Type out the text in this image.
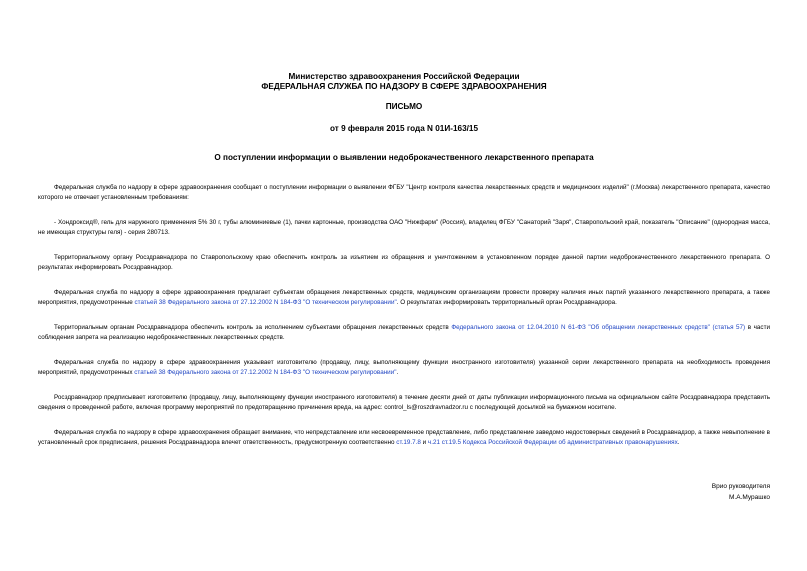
Министерство здравоохранения Российской Федерации
ФЕДЕРАЛЬНАЯ СЛУЖБА ПО НАДЗОРУ В СФЕРЕ ЗДРАВООХРАНЕНИЯ
ПИСЬМО
от 9 февраля 2015 года N 01И-163/15
О поступлении информации о выявлении недоброкачественного лекарственного препарата

Федеральная служба по надзору в сфере здравоохранения сообщает о поступлении информации о выявлении ФГБУ "Центр контроля качества лекарственных средств и медицинских изделий" (г.Москва) лекарственного препарата, качество которого не отвечает установленным требованиям:

- Хондроксид®, гель для наружного применения 5% 30 г, тубы алюминиевые (1), пачки картонные, производства ОАО "Нижфарм" (Россия), владелец ФГБУ "Санаторий "Заря", Ставропольский край, показатель "Описание" (однородная масса, не имеющая структуры геля) - серия 280713.

Территориальному органу Росздравнадзора по Ставропольскому краю обеспечить контроль за изъятием из обращения и уничтожением в установленном порядке данной партии недоброкачественного лекарственного препарата. О результатах информировать Росздравнадзор.

Федеральная служба по надзору в сфере здравоохранения предлагает субъектам обращения лекарственных средств, медицинским организациям провести проверку наличия иных партий указанного лекарственного препарата, а также мероприятия, предусмотренные статьей 38 Федерального закона от 27.12.2002 N 184-ФЗ "О техническом регулировании". О результатах информировать территориальный орган Росздравнадзора.

Территориальным органам Росздравнадзора обеспечить контроль за исполнением субъектами обращения лекарственных средств Федерального закона от 12.04.2010 N 61-ФЗ "Об обращении лекарственных средств" (статья 57) в части соблюдения запрета на реализацию недоброкачественных лекарственных средств.

Федеральная служба по надзору в сфере здравоохранения указывает изготовителю (продавцу, лицу, выполняющему функции иностранного изготовителя) указанной серии лекарственного препарата на необходимость проведения мероприятий, предусмотренных статьей 38 Федерального закона от 27.12.2002 N 184-ФЗ "О техническом регулировании".

Росздравнадзор предписывает изготовителю (продавцу, лицу, выполняющему функции иностранного изготовителя) в течение десяти дней от даты публикации информационного письма на официальном сайте Росздравнадзора представить сведения о проведенной работе, включая программу мероприятий по предотвращению причинения вреда, на адрес: control_ls@roszdravnadzor.ru с последующей досылкой на бумажном носителе.

Федеральная служба по надзору в сфере здравоохранения обращает внимание, что непредставление или несвоевременное представление, либо представление заведомо недостоверных сведений в Росздравнадзор, а также невыполнение в установленный срок предписания, решения Росздравнадзора влечет ответственность, предусмотренную соответственно ст.19.7.8 и ч.21 ст.19.5 Кодекса Российской Федерации об административных правонарушениях.

Врио руководителя
М.А.Мурашко
